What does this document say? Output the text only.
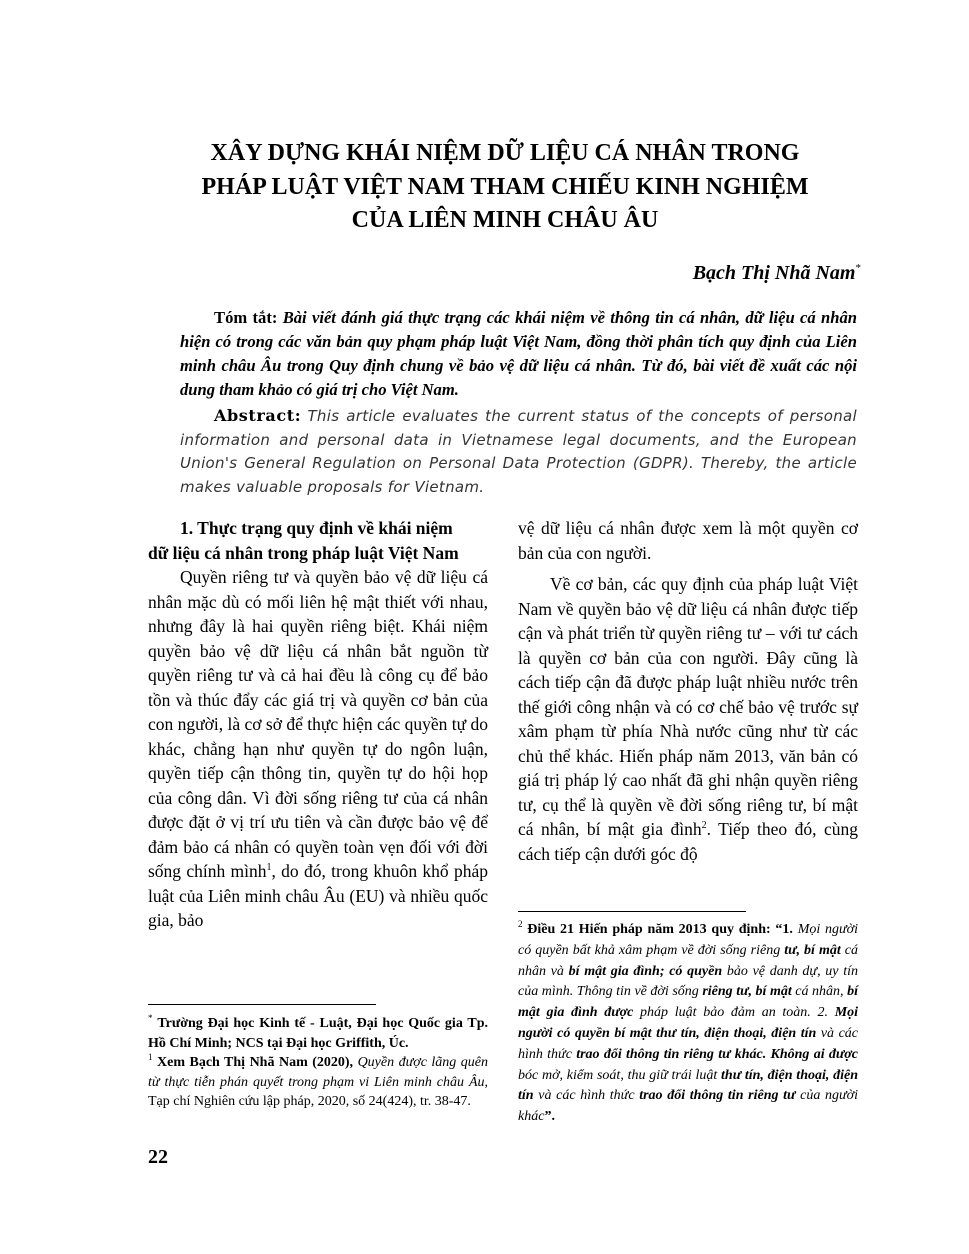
XÂY DỰNG KHÁI NIỆM DỮ LIỆU CÁ NHÂN TRONG
PHÁP LUẬT VIỆT NAM THAM CHIẾU KINH NGHIỆM
CỦA LIÊN MINH CHÂU ÂU
Bạch Thị Nhã Nam*

Tóm tắt: Bài viết đánh giá thực trạng các khái niệm về thông tin cá nhân, dữ liệu cá nhân hiện có trong các văn bản quy phạm pháp luật Việt Nam, đồng thời phân tích quy định của Liên minh châu Âu trong Quy định chung về bảo vệ dữ liệu cá nhân. Từ đó, bài viết đề xuất các nội dung tham khảo có giá trị cho Việt Nam.

Abstract: This article evaluates the current status of the concepts of personal information and personal data in Vietnamese legal documents, and the European Union's General Regulation on Personal Data Protection (GDPR). Thereby, the article makes valuable proposals for Vietnam.

1. Thực trạng quy định về khái niệm
dữ liệu cá nhân trong pháp luật Việt Nam

Quyền riêng tư và quyền bảo vệ dữ liệu cá nhân mặc dù có mối liên hệ mật thiết với nhau, nhưng đây là hai quyền riêng biệt. Khái niệm quyền bảo vệ dữ liệu cá nhân bắt nguồn từ quyền riêng tư và cả hai đều là công cụ để bảo tồn và thúc đẩy các giá trị và quyền cơ bản của con người, là cơ sở để thực hiện các quyền tự do khác, chẳng hạn như quyền tự do ngôn luận, quyền tiếp cận thông tin, quyền tự do hội họp của công dân. Vì đời sống riêng tư của cá nhân được đặt ở vị trí ưu tiên và cần được bảo vệ để đảm bảo cá nhân có quyền toàn vẹn đối với đời sống chính mình$^1$, do đó, trong khuôn khổ pháp luật của Liên minh châu Âu (EU) và nhiều quốc gia, bảo

vệ dữ liệu cá nhân được xem là một quyền cơ bản của con người.

Về cơ bản, các quy định của pháp luật Việt Nam về quyền bảo vệ dữ liệu cá nhân được tiếp cận và phát triển từ quyền riêng tư – với tư cách là quyền cơ bản của con người. Đây cũng là cách tiếp cận đã được pháp luật nhiều nước trên thế giới công nhận và có cơ chế bảo vệ trước sự xâm phạm từ phía Nhà nước cũng như từ các chủ thể khác. Hiến pháp năm 2013, văn bản có giá trị pháp lý cao nhất đã ghi nhận quyền riêng tư, cụ thể là quyền về đời sống riêng tư, bí mật cá nhân, bí mật gia đình$^2$. Tiếp theo đó, cùng cách tiếp cận dưới góc độ

* Trường Đại học Kinh tế - Luật, Đại học Quốc gia Tp. Hồ Chí Minh; NCS tại Đại học Griffith, Úc.

$^1$ Xem Bạch Thị Nhã Nam (2020), Quyền được lãng quên từ thực tiễn phán quyết trong phạm vi Liên minh châu Âu, Tạp chí Nghiên cứu lập pháp, 2020, số 24(424), tr. 38-47.

$^2$ Điều 21 Hiến pháp năm 2013 quy định: “1. Mọi người có quyền bất khả xâm phạm về đời sống riêng tư, bí mật cá nhân và bí mật gia đình; có quyền bảo vệ danh dự, uy tín của mình. Thông tin về đời sống riêng tư, bí mật cá nhân, bí mật gia đình được pháp luật bảo đảm an toàn. 2. Mọi người có quyền bí mật thư tín, điện thoại, điện tín và các hình thức trao đổi thông tin riêng tư khác. Không ai được bóc mở, kiểm soát, thu giữ trái luật thư tín, điện thoại, điện tín và các hình thức trao đổi thông tin riêng tư của người khác”.

22
